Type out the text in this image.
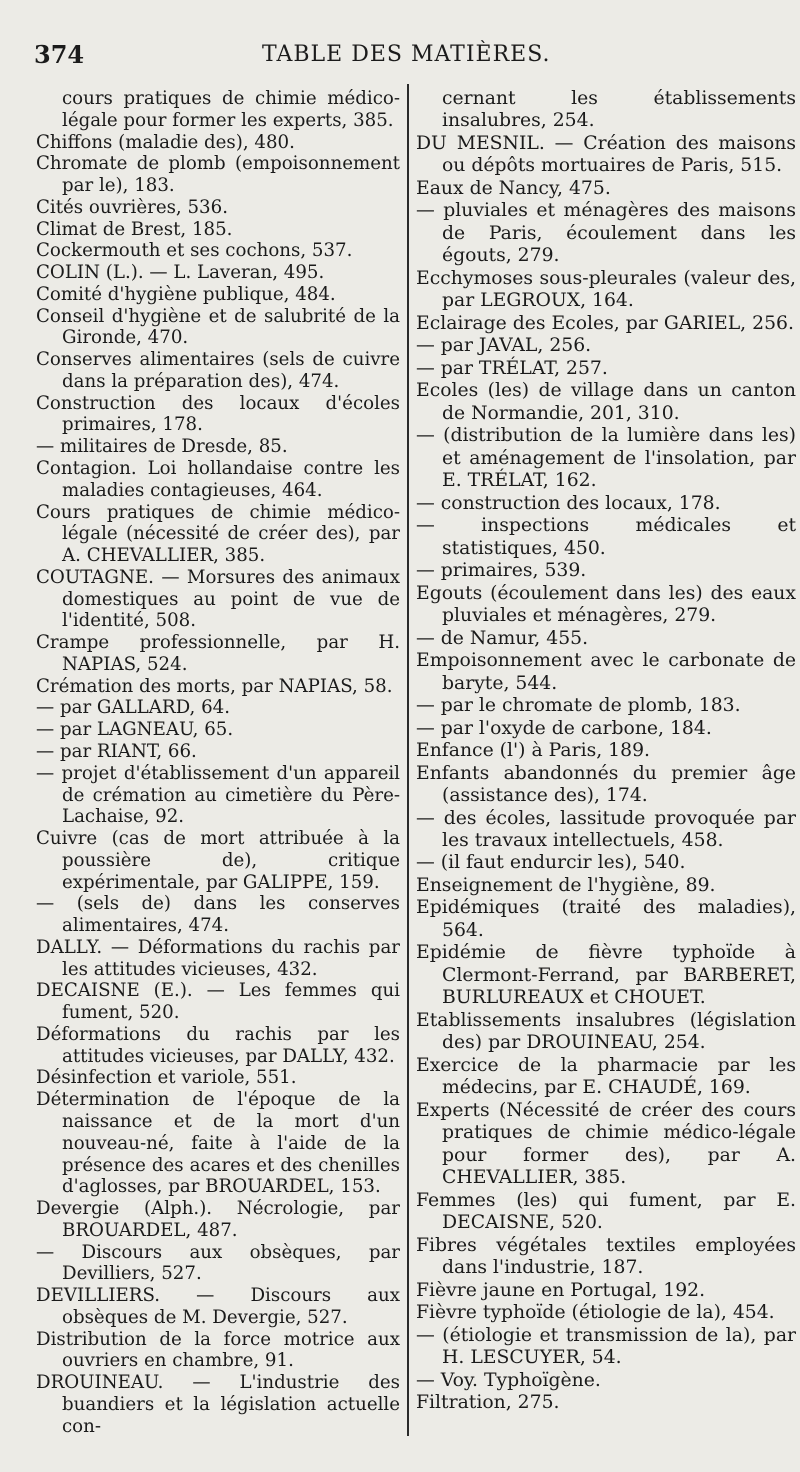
374	TABLE DES MATIÈRES.

cours pratiques de chimie médico-légale pour former les experts, 385.

Chiffons (maladie des), 480.

Chromate de plomb (empoisonnement par le), 183.

Cités ouvrières, 536.

Climat de Brest, 185.

Cockermouth et ses cochons, 537.

COLIN (L.). — L. Laveran, 495.

Comité d'hygiène publique, 484.

Conseil d'hygiène et de salubrité de la Gironde, 470.

Conserves alimentaires (sels de cuivre dans la préparation des), 474.

Construction des locaux d'écoles primaires, 178.

— militaires de Dresde, 85.

Contagion. Loi hollandaise contre les maladies contagieuses, 464.

Cours pratiques de chimie médico-légale (nécessité de créer des), par A. CHEVALLIER, 385.

COUTAGNE. — Morsures des animaux domestiques au point de vue de l'identité, 508.

Crampe professionnelle, par H. NAPIAS, 524.

Crémation des morts, par NAPIAS, 58.

— par GALLARD, 64.

— par LAGNEAU, 65.

— par RIANT, 66.

— projet d'établissement d'un appareil de crémation au cimetière du Père-Lachaise, 92.

Cuivre (cas de mort attribuée à la poussière de), critique expérimentale, par GALIPPE, 159.

— (sels de) dans les conserves alimentaires, 474.

DALLY. — Déformations du rachis par les attitudes vicieuses, 432.

DECAISNE (E.). — Les femmes qui fument, 520.

Déformations du rachis par les attitudes vicieuses, par DALLY, 432.

Désinfection et variole, 551.

Détermination de l'époque de la naissance et de la mort d'un nouveau-né, faite à l'aide de la présence des acares et des chenilles d'aglosses, par BROUARDEL, 153.

Devergie (Alph.). Nécrologie, par BROUARDEL, 487.

— Discours aux obsèques, par Devilliers, 527.

DEVILLIERS. — Discours aux obsèques de M. Devergie, 527.

Distribution de la force motrice aux ouvriers en chambre, 91.

DROUINEAU. — L'industrie des buandiers et la législation actuelle con-

cernant les établissements insalubres, 254.

DU MESNIL. — Création des maisons ou dépôts mortuaires de Paris, 515.

Eaux de Nancy, 475.

— pluviales et ménagères des maisons de Paris, écoulement dans les égouts, 279.

Ecchymoses sous-pleurales (valeur des, par LEGROUX, 164.

Eclairage des Ecoles, par GARIEL, 256.

— par JAVAL, 256.

— par TRÉLAT, 257.

Ecoles (les) de village dans un canton de Normandie, 201, 310.

— (distribution de la lumière dans les) et aménagement de l'insolation, par E. TRÉLAT, 162.

— construction des locaux, 178.

— inspections médicales et statistiques, 450.

— primaires, 539.

Egouts (écoulement dans les) des eaux pluviales et ménagères, 279.

— de Namur, 455.

Empoisonnement avec le carbonate de baryte, 544.

— par le chromate de plomb, 183.

— par l'oxyde de carbone, 184.

Enfance (l') à Paris, 189.

Enfants abandonnés du premier âge (assistance des), 174.

— des écoles, lassitude provoquée par les travaux intellectuels, 458.

— (il faut endurcir les), 540.

Enseignement de l'hygiène, 89.

Epidémiques (traité des maladies), 564.

Epidémie de fièvre typhoïde à Clermont-Ferrand, par BARBERET, BURLUREAUX et CHOUET.

Etablissements insalubres (législation des) par DROUINEAU, 254.

Exercice de la pharmacie par les médecins, par E. CHAUDÉ, 169.

Experts (Nécessité de créer des cours pratiques de chimie médico-légale pour former des), par A. CHEVALLIER, 385.

Femmes (les) qui fument, par E. DECAISNE, 520.

Fibres végétales textiles employées dans l'industrie, 187.

Fièvre jaune en Portugal, 192.

Fièvre typhoïde (étiologie de la), 454.

— (étiologie et transmission de la), par H. LESCUYER, 54.

— Voy. Typhoïgène.

Filtration, 275.
